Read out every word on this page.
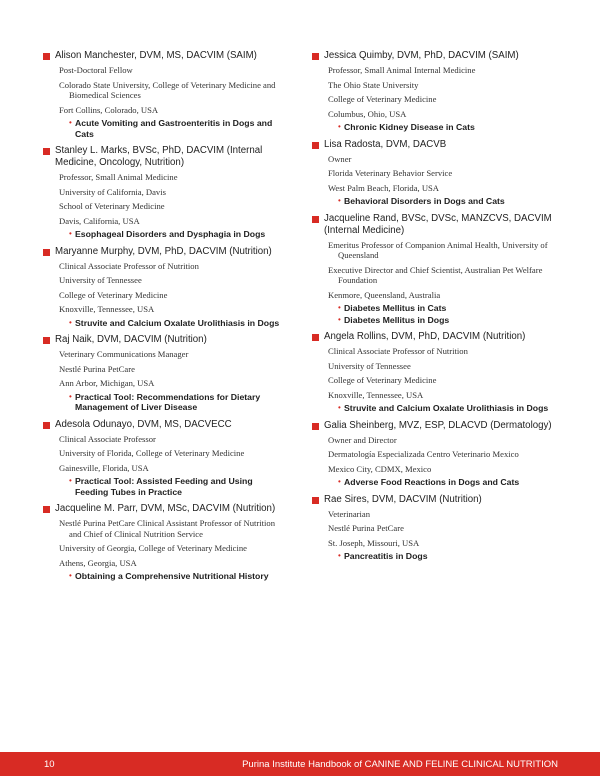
Alison Manchester, DVM, MS, DACVIM (SAIM)
Post-Doctoral Fellow
Colorado State University, College of Veterinary Medicine and Biomedical Sciences
Fort Collins, Colorado, USA
• Acute Vomiting and Gastroenteritis in Dogs and Cats
Stanley L. Marks, BVSc, PhD, DACVIM (Internal Medicine, Oncology, Nutrition)
Professor, Small Animal Medicine
University of California, Davis
School of Veterinary Medicine
Davis, California, USA
• Esophageal Disorders and Dysphagia in Dogs
Maryanne Murphy, DVM, PhD, DACVIM (Nutrition)
Clinical Associate Professor of Nutrition
University of Tennessee
College of Veterinary Medicine
Knoxville, Tennessee, USA
• Struvite and Calcium Oxalate Urolithiasis in Dogs
Raj Naik, DVM, DACVIM (Nutrition)
Veterinary Communications Manager
Nestlé Purina PetCare
Ann Arbor, Michigan, USA
• Practical Tool: Recommendations for Dietary Management of Liver Disease
Adesola Odunayo, DVM, MS, DACVECC
Clinical Associate Professor
University of Florida, College of Veterinary Medicine
Gainesville, Florida, USA
• Practical Tool: Assisted Feeding and Using Feeding Tubes in Practice
Jacqueline M. Parr, DVM, MSc, DACVIM (Nutrition)
Nestlé Purina PetCare Clinical Assistant Professor of Nutrition and Chief of Clinical Nutrition Service
University of Georgia, College of Veterinary Medicine
Athens, Georgia, USA
• Obtaining a Comprehensive Nutritional History
Jessica Quimby, DVM, PhD, DACVIM (SAIM)
Professor, Small Animal Internal Medicine
The Ohio State University
College of Veterinary Medicine
Columbus, Ohio, USA
• Chronic Kidney Disease in Cats
Lisa Radosta, DVM, DACVB
Owner
Florida Veterinary Behavior Service
West Palm Beach, Florida, USA
• Behavioral Disorders in Dogs and Cats
Jacqueline Rand, BVSc, DVSc, MANZCVS, DACVIM (Internal Medicine)
Emeritus Professor of Companion Animal Health, University of Queensland
Executive Director and Chief Scientist, Australian Pet Welfare Foundation
Kenmore, Queensland, Australia
• Diabetes Mellitus in Cats
• Diabetes Mellitus in Dogs
Angela Rollins, DVM, PhD, DACVIM (Nutrition)
Clinical Associate Professor of Nutrition
University of Tennessee
College of Veterinary Medicine
Knoxville, Tennessee, USA
• Struvite and Calcium Oxalate Urolithiasis in Dogs
Galia Sheinberg, MVZ, ESP, DLACVD (Dermatology)
Owner and Director
Dermatología Especializada Centro Veterinario Mexico
Mexico City, CDMX, Mexico
• Adverse Food Reactions in Dogs and Cats
Rae Sires, DVM, DACVIM (Nutrition)
Veterinarian
Nestlé Purina PetCare
St. Joseph, Missouri, USA
• Pancreatitis in Dogs
10	Purina Institute Handbook of CANINE AND FELINE CLINICAL NUTRITION
